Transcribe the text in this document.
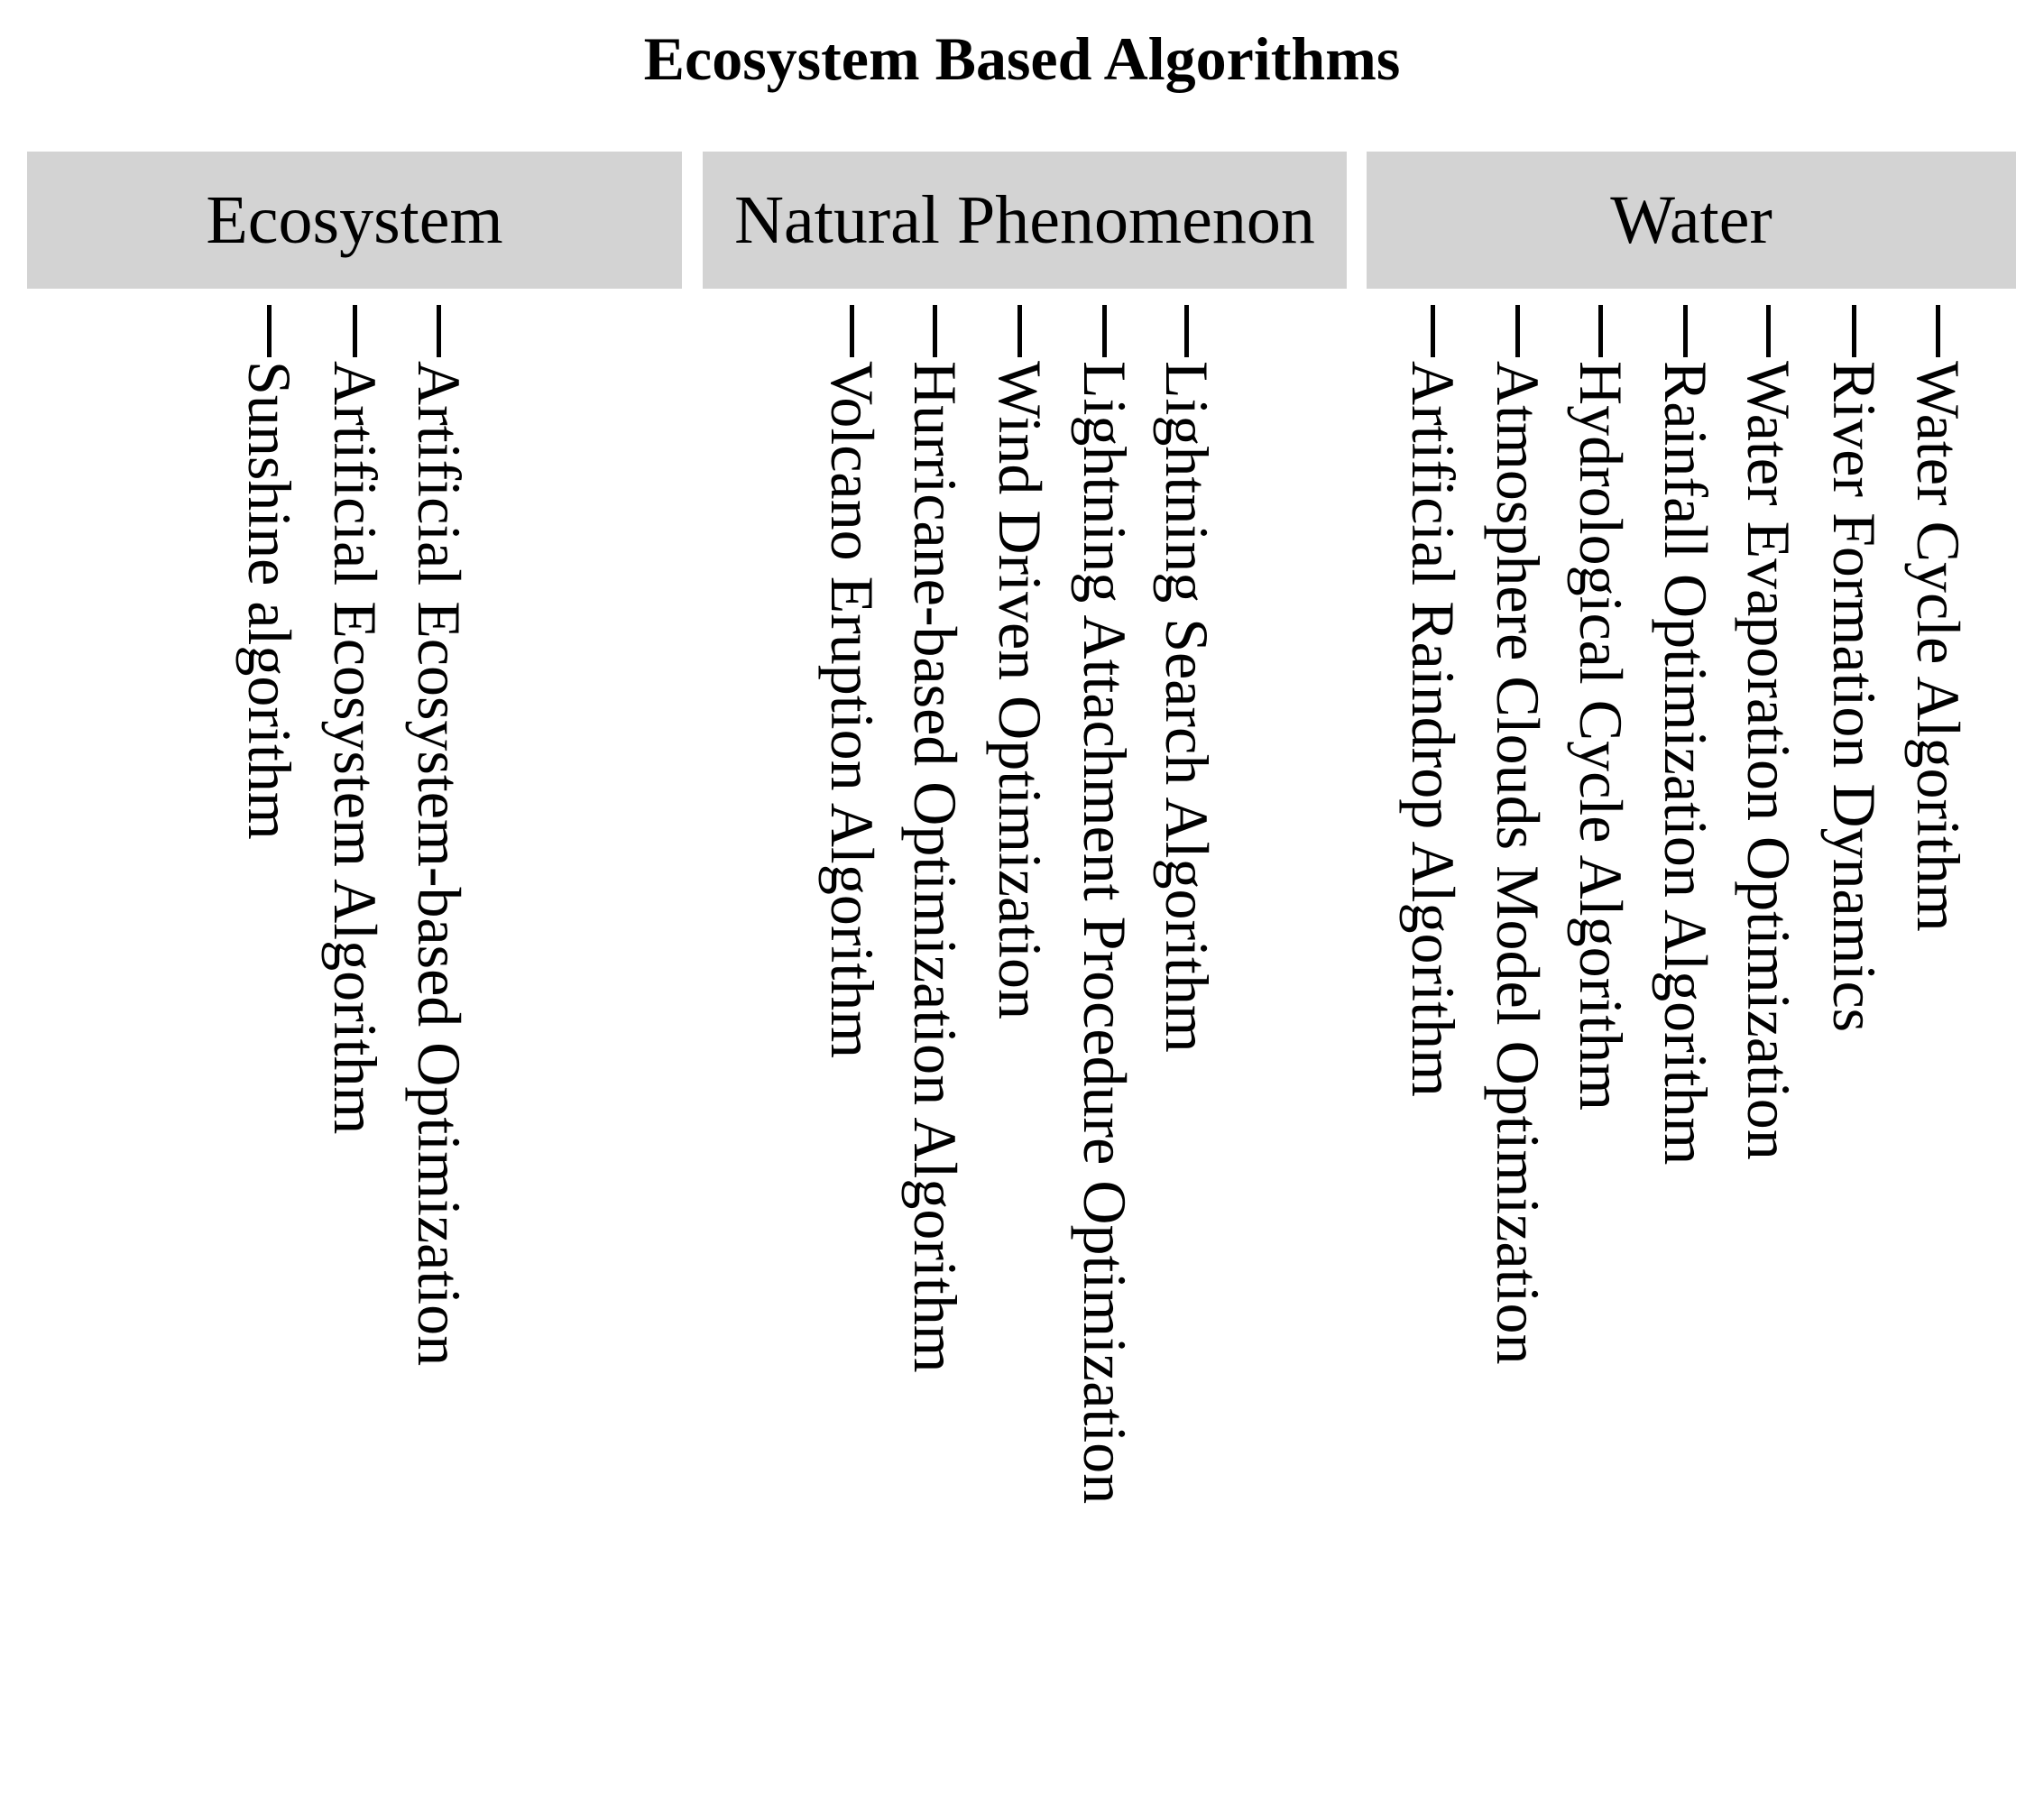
Ecosystem Based Algorithms
Ecosystem	Natural Phenomenon	Water
Artificial Ecosystem-based Optimization
Artificial Ecosystem Algorithm
Sunshine algorithm	Lightning Search Algorithm
Lightning Attachment Procedure Optimization
Wind Driven Optimization
Hurricane-based Optimization Algorithm
Volcano Eruption Algorithm	Water Cycle Algorithm
River Formation Dynamics
Water Evaporation Optimization
Rainfall Optimization Algorithm
Hydrological Cycle Algorithm
Atmosphere Clouds Model Optimization
Artificial Raindrop Algorithm
